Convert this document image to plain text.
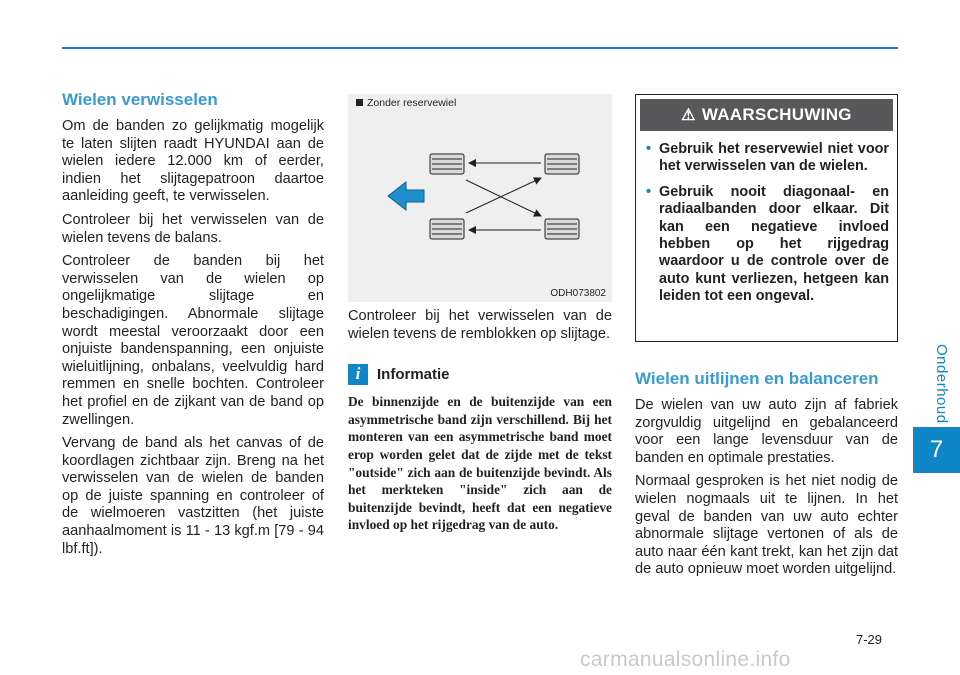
Onderhoud
7
Wielen verwisselen

Om de banden zo gelijkmatig mogelijk te laten slijten raadt HYUNDAI aan de wielen iedere 12.000 km of eerder, indien het slijtagepatroon daartoe aanleiding geeft, te verwisselen.

Controleer bij het verwisselen van de wielen tevens de balans.

Controleer de banden bij het verwisselen van de wielen op ongelijkmatige slijtage en beschadigingen. Abnormale slijtage wordt meestal veroorzaakt door een onjuiste bandenspanning, een onjuiste wieluitlijning, onbalans, veelvuldig hard remmen en snelle bochten. Controleer het profiel en de zijkant van de band op zwellingen.

Vervang de band als het canvas of de koordlagen zichtbaar zijn. Breng na het verwisselen van de wielen de banden op de juiste spanning en controleer of de wielmoeren vastzitten (het juiste aanhaalmoment is 11 - 13 kgf.m [79 - 94 lbf.ft]).

Zonder reservewiel
ODH073802

Controleer bij het verwisselen van de wielen tevens de remblokken op slijtage.

i	Informatie
De binnenzijde en de buitenzijde van een asymmetrische band zijn verschillend. Bij het monteren van een asymmetrische band moet erop worden gelet dat de zijde met de tekst "outside" zich aan de buitenzijde bevindt. Als het merkteken "inside" zich aan de buitenzijde bevindt, heeft dat een negatieve invloed op het rijgedrag van de auto.
⚠ WAARSCHUWING
• Gebruik het reservewiel niet voor het verwisselen van de wielen.
• Gebruik nooit diagonaal- en radiaalbanden door elkaar. Dit kan een negatieve invloed hebben op het rijgedrag waardoor u de controle over de auto kunt verliezen, hetgeen kan leiden tot een ongeval.
Wielen uitlijnen en balanceren

De wielen van uw auto zijn af fabriek zorgvuldig uitgelijnd en gebalanceerd voor een lange levensduur van de banden en optimale prestaties.

Normaal gesproken is het niet nodig de wielen nogmaals uit te lijnen. In het geval de banden van uw auto echter abnormale slijtage vertonen of als de auto naar één kant trekt, kan het zijn dat de auto opnieuw moet worden uitgelijnd.

7-29
carmanualsonline.info
